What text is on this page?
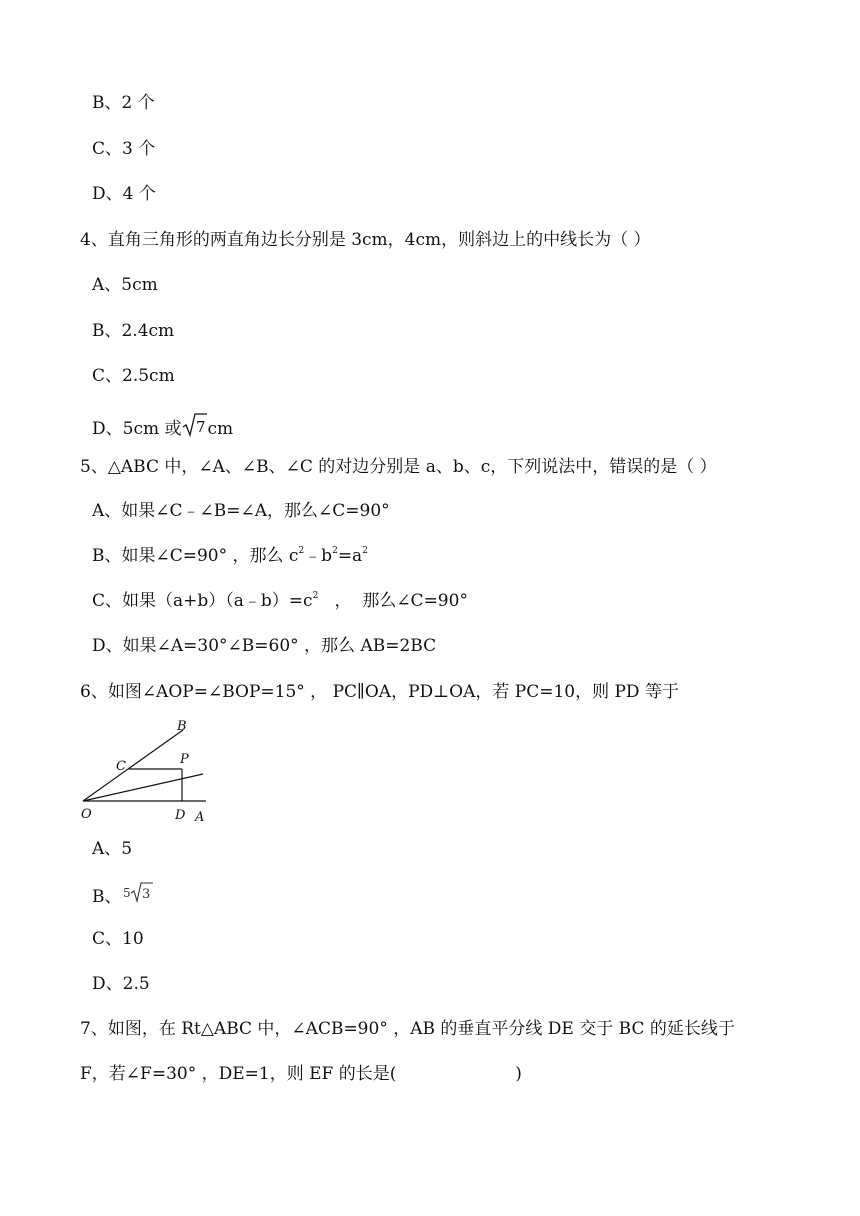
B、2 个
C、3 个
D、4 个
4、直角三角形的两直角边长分别是 3cm，4cm，则斜边上的中线长为（ ）
A、5cm
B、2.4cm
C、2.5cm
D、5cm 或 7 cm
5、△ABC 中，∠A、∠B、∠C 的对边分别是 a、b、c，下列说法中，错误的是（ ）
A、如果∠C﹣∠B=∠A，那么∠C=90°
B、如果∠C=90° ，那么 $c^2﹣b^2=a^2$
C、如果$(a+b)(a﹣b)=c^2$   ，  那么∠C=90°
D、如果∠A=30°∠B=60° ，那么 AB=2BC
6、如图∠AOP=∠BOP=15° ， PC∥OA，PD⊥OA，若 PC=10，则 PD 等于
B
C	P
O	D A
A、5
B、 5 3
C、10
D、2.5
7、如图，在 Rt△ABC 中，∠ACB=90° ，AB 的垂直平分线 DE 交于 BC 的延长线于
F，若∠F=30° ，DE=1，则 EF 的长是(                      )
